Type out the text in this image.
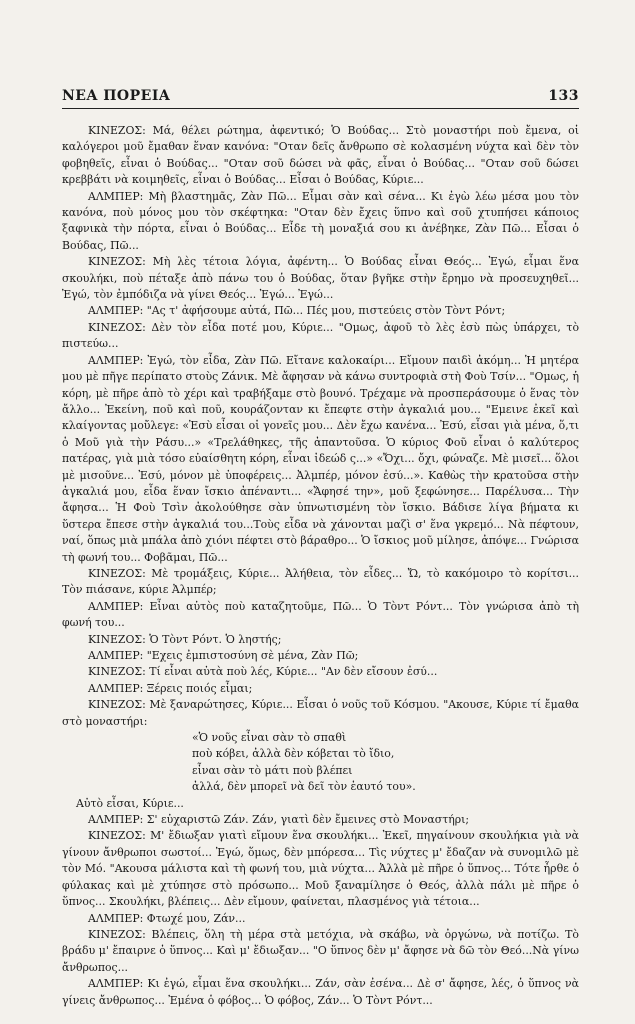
ΝΕΑ ΠΟΡΕΙΑ	133

ΚΙΝΕΖΟΣ: Μά, θέλει ρώτημα, ἀφεντικό; Ὁ Βούδας... Στὸ μοναστήρι ποὺ ἔμενα, οἱ καλόγεροι μοῦ ἔμαθαν ἕναν κανόνα: "Οταν δεῖς ἄνθρωπο σὲ κολασμένη νύχτα καὶ δὲν τὸν φοβηθεῖς, εἶναι ὁ Βούδας... "Οταν σοῦ δώσει νὰ φᾶς, εἶναι ὁ Βούδας... "Οταν σοῦ δώσει κρεββάτι νὰ κοιμηθεῖς, εἶναι ὁ Βούδας... Εἶσαι ὁ Βούδας, Κύριε...

ΑΛΜΠΕΡ: Μὴ βλαστημᾶς, Ζὰν Πῶ... Εἶμαι σὰν καὶ σένα... Κι ἐγὼ λέω μέσα μου τὸν κανόνα, ποὺ μόνος μου τὸν σκέφτηκα: "Οταν δὲν ἔχεις ὕπνο καὶ σοῦ χτυπήσει κάποιος ξαφνικὰ τὴν πόρτα, εἶναι ὁ Βούδας... Εἶδε τὴ μοναξιά σου κι ἀνέβηκε, Ζὰν Πῶ... Εἶσαι ὁ Βούδας, Πῶ...

ΚΙΝΕΖΟΣ: Μὴ λὲς τέτοια λόγια, ἀφέντη... Ὁ Βούδας εἶναι Θεός... Ἐγώ, εἶμαι ἕνα σκουλήκι, ποὺ πέταξε ἀπὸ πάνω του ὁ Βούδας, ὅταν βγῆκε στὴν ἔρημο νὰ προσευχηθεῖ... Ἐγώ, τὸν ἐμπόδιζα νὰ γίνει Θεός... Ἐγώ... Ἐγώ...

ΑΛΜΠΕΡ: "Ας τ' ἀφήσουμε αὐτά, Πῶ... Πές μου, πιστεύεις στὸν Τὸντ Ρόντ;

ΚΙΝΕΖΟΣ: Δὲν τὸν εἶδα ποτέ μου, Κύριε... "Ομως, ἀφοῦ τὸ λὲς ἐσὺ πὼς ὑπάρχει, τὸ πιστεύω...

ΑΛΜΠΕΡ: Ἐγώ, τὸν εἶδα, Ζὰν Πῶ. Εἴτανε καλοκαίρι... Εἴμουν παιδὶ ἀκόμη... Ἡ μητέρα μου μὲ πῆγε περίπατο στοὺς Ζάνικ. Μὲ ἄφησαν νὰ κάνω συντροφιὰ στὴ Φοὺ Τσίν... "Ομως, ἡ κόρη, μὲ πῆρε ἀπὸ τὸ χέρι καὶ τραβήξαμε στὸ βουνό. Τρέχαμε νὰ προσπεράσουμε ὁ ἕνας τὸν ἄλλο... Ἐκείνη, ποῦ καὶ ποῦ, κουράζονταν κι ἔπεφτε στὴν ἀγκαλιά μου... "Εμεινε ἐκεῖ καὶ κλαίγοντας μοὔλεγε: «Ἐσὺ εἶσαι οἱ γονεῖς μου... Δὲν ἔχω κανένα... Ἐσύ, εἶσαι γιὰ μένα, ὅ,τι ὁ Μοῦ γιὰ τὴν Ράσυ...» «Τρελάθηκες, τῆς ἀπαντοῦσα. Ὁ κύριος Φοῦ εἶναι ὁ καλύτερος πατέρας, γιὰ μιὰ τόσο εὐαίσθητη κόρη, εἶναι ἰδεώδ ς...» «Ὄχι... ὄχι, φώναζε. Μὲ μισεῖ... ὅλοι μὲ μισοῦνε... Ἐσύ, μόνον μὲ ὑποφέρεις... Ἀλμπέρ, μόνον ἐσύ...». Καθὼς τὴν κρατοῦσα στὴν ἀγκαλιά μου, εἶδα ἕναν ἴσκιο ἀπέναντι... «Ἄφησέ την», μοῦ ξεφώνησε... Παρέλυσα... Τὴν ἄφησα... Ἡ Φοὺ Τσὶν ἀκολούθησε σὰν ὑπνωτισμένη τὸν ἴσκιο. Βάδισε λίγα βήματα κι ὕστερα ἔπεσε στὴν ἀγκαλιά του...Τοὺς εἶδα νὰ χάνονται μαζὶ σ' ἕνα γκρεμό... Νὰ πέφτουν, ναί, ὅπως μιὰ μπάλα ἀπὸ χιόνι πέφτει στὸ βάραθρο... Ὁ ἴσκιος μοῦ μίλησε, ἀπόψε... Γνώρισα τὴ φωνή του... Φοβᾶμαι, Πῶ...

ΚΙΝΕΖΟΣ: Μὲ τρομάξεις, Κύριε... Ἀλήθεια, τὸν εἶδες... Ὤ, τὸ κακόμοιρο τὸ κορίτσι... Τὸν πιάσανε, κύριε Ἀλμπέρ;

ΑΛΜΠΕΡ: Εἶναι αὐτὸς ποὺ καταζητοῦμε, Πῶ... Ὁ Τὸντ Ρόντ... Τὸν γνώρισα ἀπὸ τὴ φωνή του...

ΚΙΝΕΖΟΣ: Ὁ Τὸντ Ρόντ. Ὁ ληστής;

ΑΛΜΠΕΡ: "Εχεις ἐμπιστοσύνη σὲ μένα, Ζὰν Πῶ;

ΚΙΝΕΖΟΣ: Τί εἶναι αὐτὰ ποὺ λές, Κύριε... "Αν δὲν εἴσουν ἐσύ...

ΑΛΜΠΕΡ: Ξέρεις ποιός εἶμαι;

ΚΙΝΕΖΟΣ: Μὲ ξαναρώτησες, Κύριε... Εἶσαι ὁ νοῦς τοῦ Κόσμου. "Ακουσε, Κύριε τί ἔμαθα στὸ μοναστήρι:

«Ὁ νοῦς εἶναι σὰν τὸ σπαθὶ

ποὺ κόβει, ἀλλὰ δὲν κόβεται τὸ ἴδιο,

εἶναι σὰν τὸ μάτι ποὺ βλέπει

ἀλλά, δὲν μπορεῖ νὰ δεῖ τὸν ἑαυτό του».

Αὐτὸ εἶσαι, Κύριε...

ΑΛΜΠΕΡ: Σ' εὐχαριστῶ Ζάν. Ζάν, γιατὶ δὲν ἔμεινες στὸ Μοναστήρι;

ΚΙΝΕΖΟΣ: Μ' ἔδιωξαν γιατὶ εἴμουν ἕνα σκουλήκι... Ἐκεῖ, πηγαίνουν σκουλήκια γιὰ νὰ γίνουν ἄνθρωποι σωστοί... Ἐγώ, ὅμως, δὲν μπόρεσα... Τὶς νύχτες μ' ἔδαζαν νὰ συνομιλῶ μὲ τὸν Μό. "Ακουσα μάλιστα καὶ τὴ φωνή του, μιὰ νύχτα... Ἀλλὰ μὲ πῆρε ὁ ὕπνος... Τότε ἦρθε ὁ φύλακας καὶ μὲ χτύπησε στὸ πρόσωπο... Μοῦ ξαναμίλησε ὁ Θεός, ἀλλὰ πάλι μὲ πῆρε ὁ ὕπνος... Σκουλήκι, βλέπεις... Δὲν εἴμουν, φαίνεται, πλασμένος γιὰ τέτοια...

ΑΛΜΠΕΡ: Φτωχέ μου, Ζάν...

ΚΙΝΕΖΟΣ: Βλέπεις, ὅλη τὴ μέρα στὰ μετόχια, νὰ σκάβω, νὰ ὀργώνω, νὰ ποτίζω. Τὸ βράδυ μ' ἔπαιρνε ὁ ὕπνος... Καὶ μ' ἔδιωξαν... "Ο ὕπνος δὲν μ' ἄφησε νὰ δῶ τὸν Θεό...Νὰ γίνω ἄνθρωπος...

ΑΛΜΠΕΡ: Κι ἐγώ, εἶμαι ἕνα σκουλήκι... Ζάν, σὰν ἐσένα... Δὲ σ' ἄφησε, λές, ὁ ὕπνος νὰ γίνεις ἄνθρωπος... Ἐμένα ὁ φόβος... Ὁ φόβος, Ζάν... Ὁ Τὸντ Ρόντ...
